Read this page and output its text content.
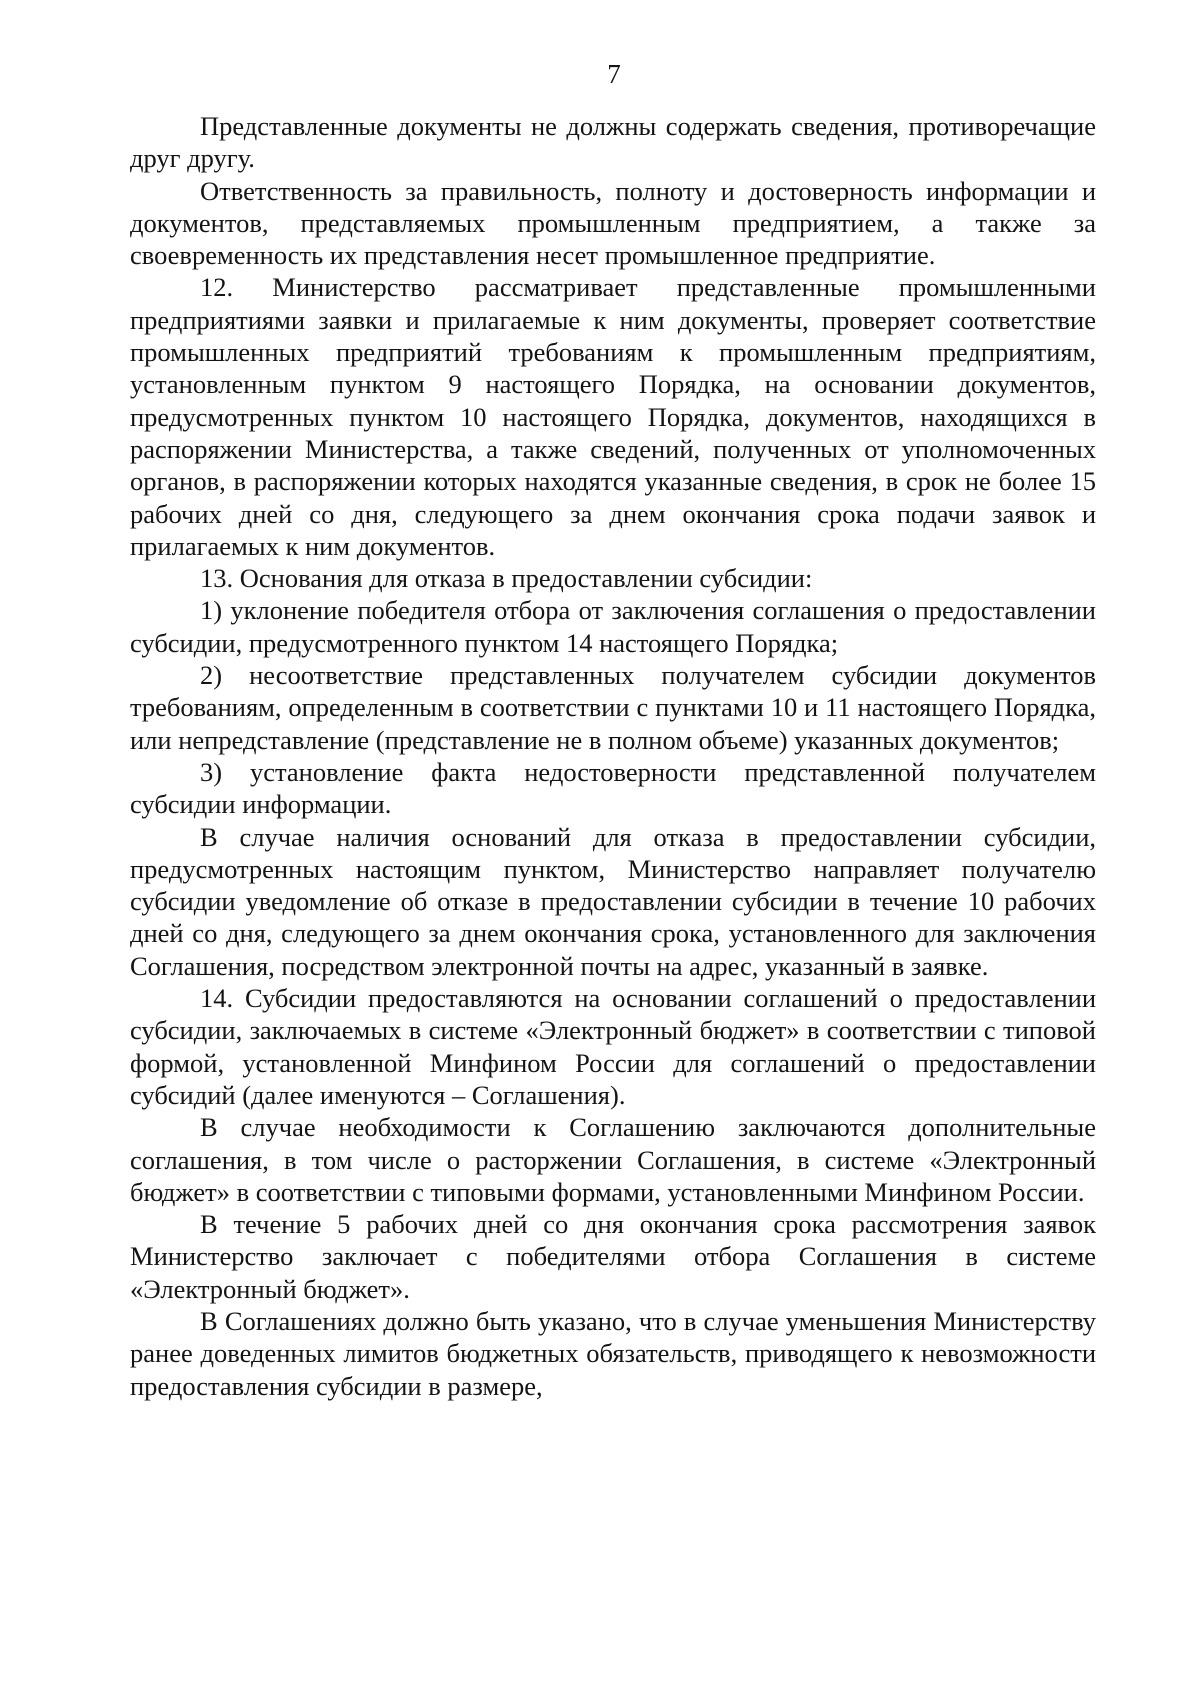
7

Представленные документы не должны содержать сведения, противоречащие друг другу.

Ответственность за правильность, полноту и достоверность информации и документов, представляемых промышленным предприятием, а также за своевременность их представления несет промышленное предприятие.

12. Министерство рассматривает представленные промышленными предприятиями заявки и прилагаемые к ним документы, проверяет соответствие промышленных предприятий требованиям к промышленным предприятиям, установленным пунктом 9 настоящего Порядка, на основании документов, предусмотренных пунктом 10 настоящего Порядка, документов, находящихся в распоряжении Министерства, а также сведений, полученных от уполномоченных органов, в распоряжении которых находятся указанные сведения, в срок не более 15 рабочих дней со дня, следующего за днем окончания срока подачи заявок и прилагаемых к ним документов.

13. Основания для отказа в предоставлении субсидии:

1) уклонение победителя отбора от заключения соглашения о предоставлении субсидии, предусмотренного пунктом 14 настоящего Порядка;

2) несоответствие представленных получателем субсидии документов требованиям, определенным в соответствии с пунктами 10 и 11 настоящего Порядка, или непредставление (представление не в полном объеме) указанных документов;

3) установление факта недостоверности представленной получателем субсидии информации.

В случае наличия оснований для отказа в предоставлении субсидии, предусмотренных настоящим пунктом, Министерство направляет получателю субсидии уведомление об отказе в предоставлении субсидии в течение 10 рабочих дней со дня, следующего за днем окончания срока, установленного для заключения Соглашения, посредством электронной почты на адрес, указанный в заявке.

14. Субсидии предоставляются на основании соглашений о предоставлении субсидии, заключаемых в системе «Электронный бюджет» в соответствии с типовой формой, установленной Минфином России для соглашений о предоставлении субсидий (далее именуются – Соглашения).

В случае необходимости к Соглашению заключаются дополнительные соглашения, в том числе о расторжении Соглашения, в системе «Электронный бюджет» в соответствии с типовыми формами, установленными Минфином России.

В течение 5 рабочих дней со дня окончания срока рассмотрения заявок Министерство заключает с победителями отбора Соглашения в системе «Электронный бюджет».

В Соглашениях должно быть указано, что в случае уменьшения Министерству ранее доведенных лимитов бюджетных обязательств, приводящего к невозможности предоставления субсидии в размере,
